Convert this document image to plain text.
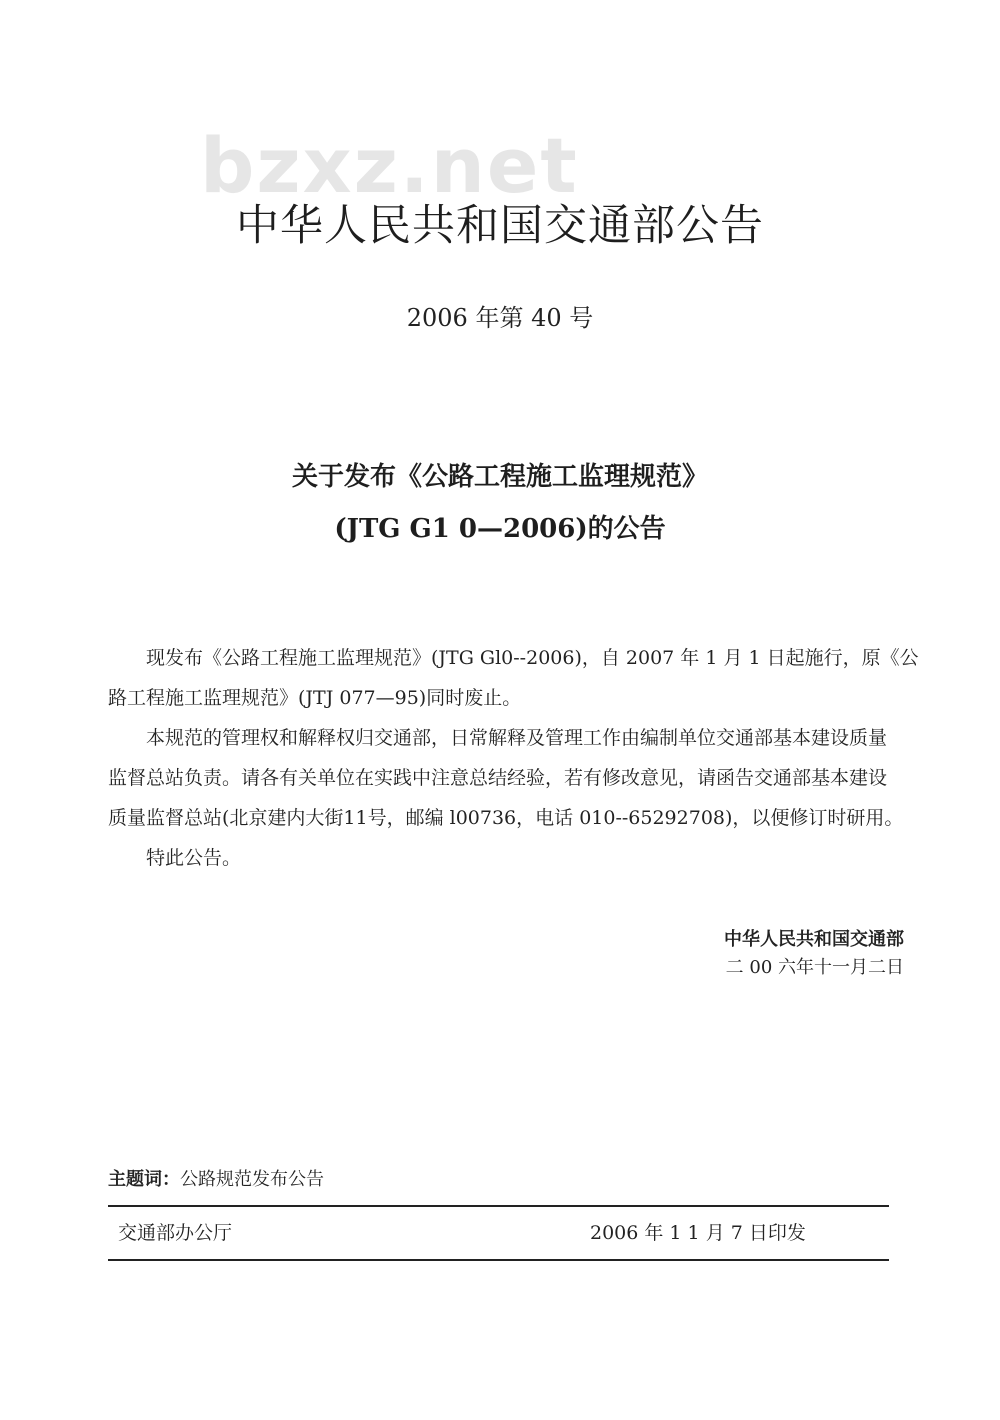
bzxz.net
中华人民共和国交通部公告
2006 年第 40 号
关于发布《公路工程施工监理规范》
(JTG G1 0—2006)的公告

现发布《公路工程施工监理规范》(JTG Gl0--2006)，自 2007 年 1 月 1 日起施行，原《公

路工程施工监理规范》(JTJ 077—95)同时废止。

本规范的管理权和解释权归交通部，日常解释及管理工作由编制单位交通部基本建设质量

监督总站负责。请各有关单位在实践中注意总结经验，若有修改意见，请函告交通部基本建设
质量监督总站(北京建内大街11号，邮编 l00736，电话 010--65292708)，以便修订时研用。

特此公告。

中华人民共和国交通部
二 00 六年十一月二日
主题词：公路规范发布公告
交通部办公厅	2006 年 1 1 月 7 日印发
